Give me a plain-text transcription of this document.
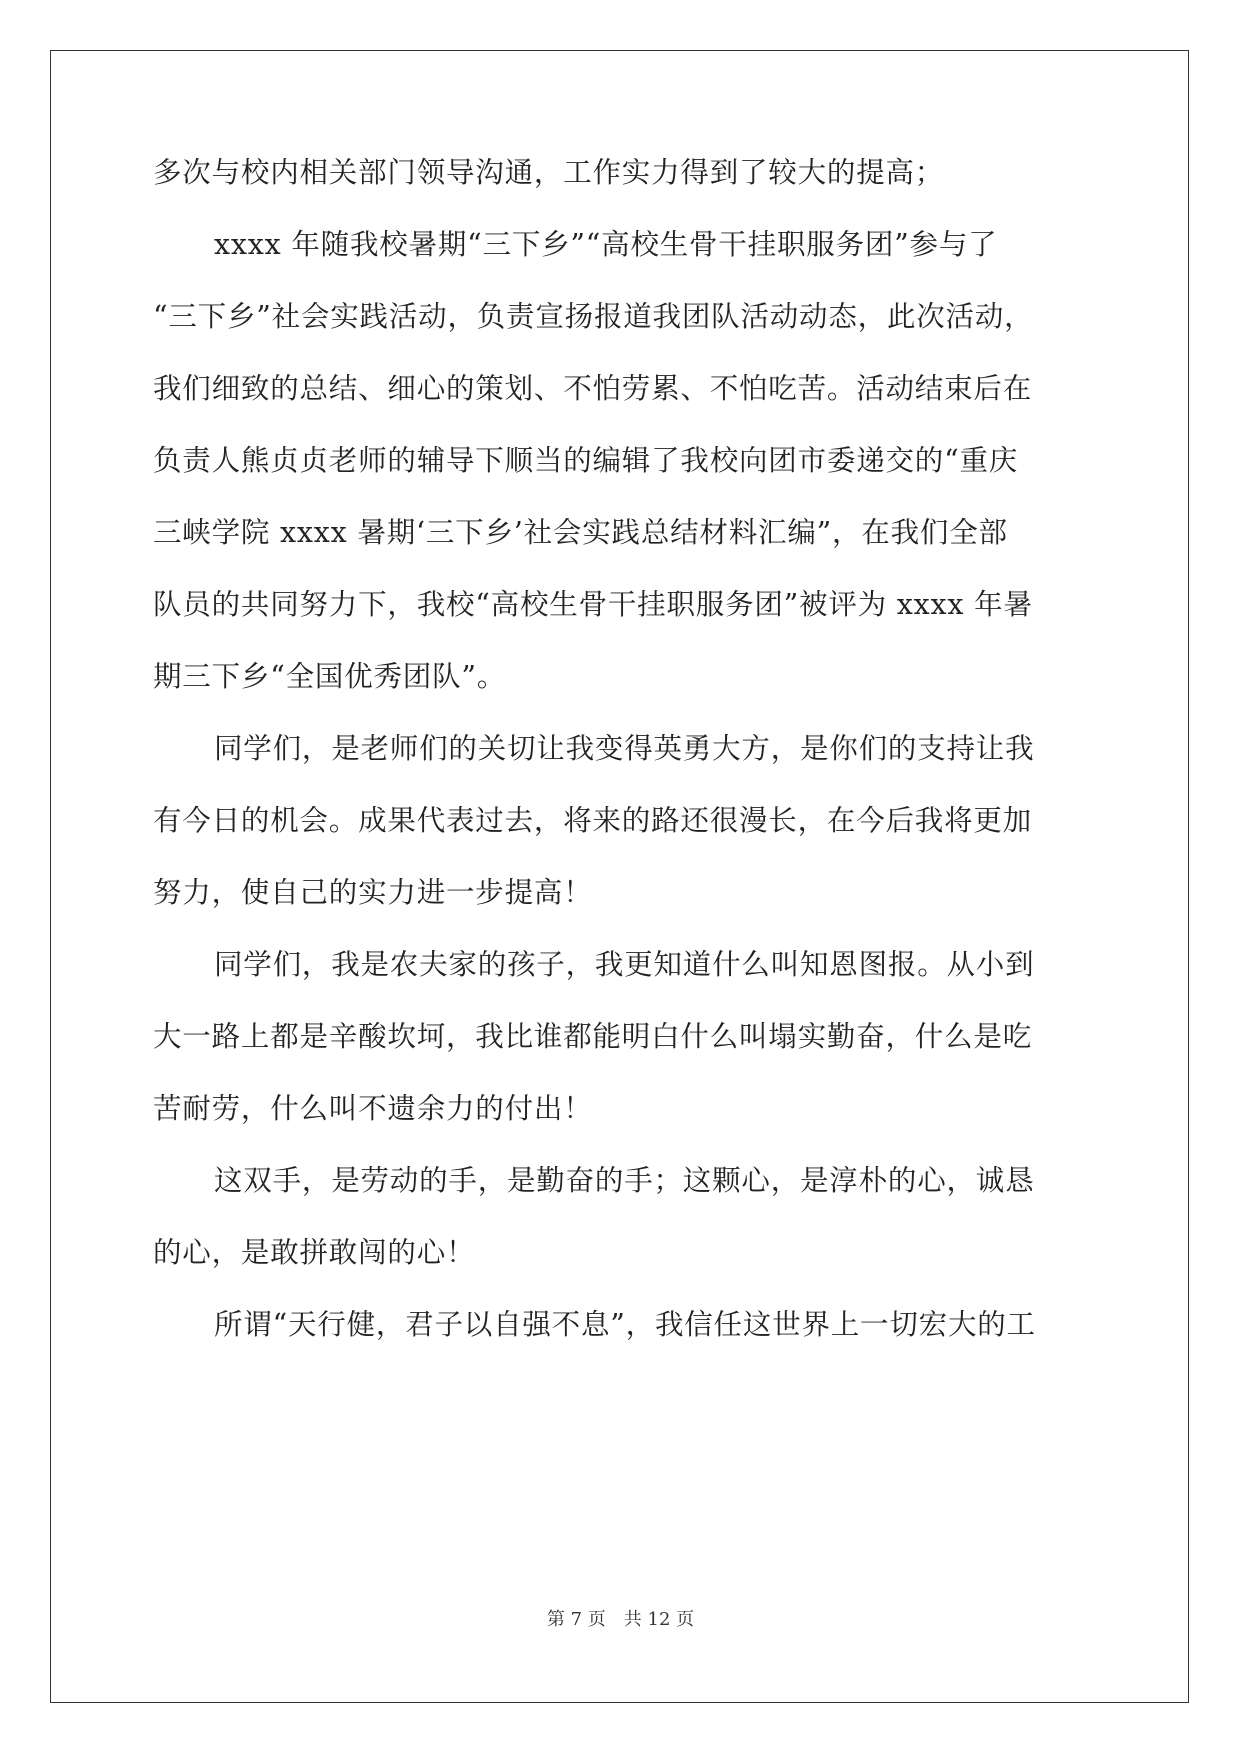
多次与校内相关部门领导沟通，工作实力得到了较大的提高；
xxxx 年随我校暑期“三下乡”“高校生骨干挂职服务团”参与了
“三下乡”社会实践活动，负责宣扬报道我团队活动动态，此次活动，
我们细致的总结、细心的策划、不怕劳累、不怕吃苦。活动结束后在
负责人熊贞贞老师的辅导下顺当的编辑了我校向团市委递交的“重庆
三峡学院 xxxx 暑期‘三下乡’社会实践总结材料汇编”，在我们全部
队员的共同努力下，我校“高校生骨干挂职服务团”被评为 xxxx 年暑
期三下乡“全国优秀团队”。
同学们，是老师们的关切让我变得英勇大方，是你们的支持让我
有今日的机会。成果代表过去，将来的路还很漫长，在今后我将更加
努力，使自己的实力进一步提高！
同学们，我是农夫家的孩子，我更知道什么叫知恩图报。从小到
大一路上都是辛酸坎坷，我比谁都能明白什么叫塌实勤奋，什么是吃
苦耐劳，什么叫不遗余力的付出！
这双手，是劳动的手，是勤奋的手；这颗心，是淳朴的心，诚恳
的心，是敢拼敢闯的心！
所谓“天行健，君子以自强不息”，我信任这世界上一切宏大的工
第 7 页　共 12 页
